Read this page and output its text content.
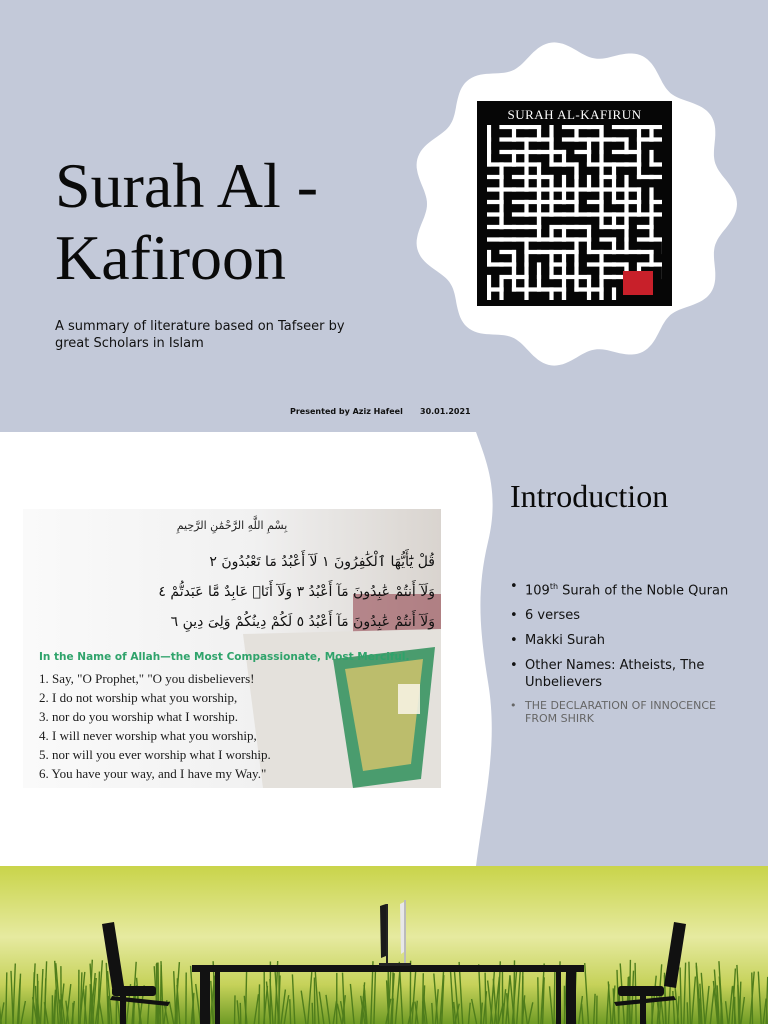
Surah Al -
Kafiroon
A summary of literature based on Tafseer by great Scholars in Islam
Presented by Aziz Hafeel 30.01.2021
SURAH AL-KAFIRUN
Introduction
• 109th Surah of the Noble Quran
• 6 verses
• Makki Surah
• Other Names: Atheists, The Unbelievers
• THE DECLARATION OF INNOCENCE FROM SHIRK
بِسْمِ اللَّهِ الرَّحْمَٰنِ الرَّحِيمِ
قُلْ يَٰٓأَيُّهَا ٱلْكَٰفِرُونَ ١ لَآ أَعْبُدُ مَا تَعْبُدُونَ ٢
وَلَآ أَنتُمْ عَٰبِدُونَ مَآ أَعْبُدُ ٣ وَلَآ أَنَا۠ عَابِدٌ مَّا عَبَدتُّمْ ٤
وَلَآ أَنتُمْ عَٰبِدُونَ مَآ أَعْبُدُ ٥ لَكُمْ دِينُكُمْ وَلِىَ دِينِ ٦
In the Name of Allah—the Most Compassionate, Most Merciful.
1. Say, "O Prophet," "O you disbelievers!
2. I do not worship what you worship,
3. nor do you worship what I worship.
4. I will never worship what you worship,
5. nor will you ever worship what I worship.
6. You have your way, and I have my Way."
